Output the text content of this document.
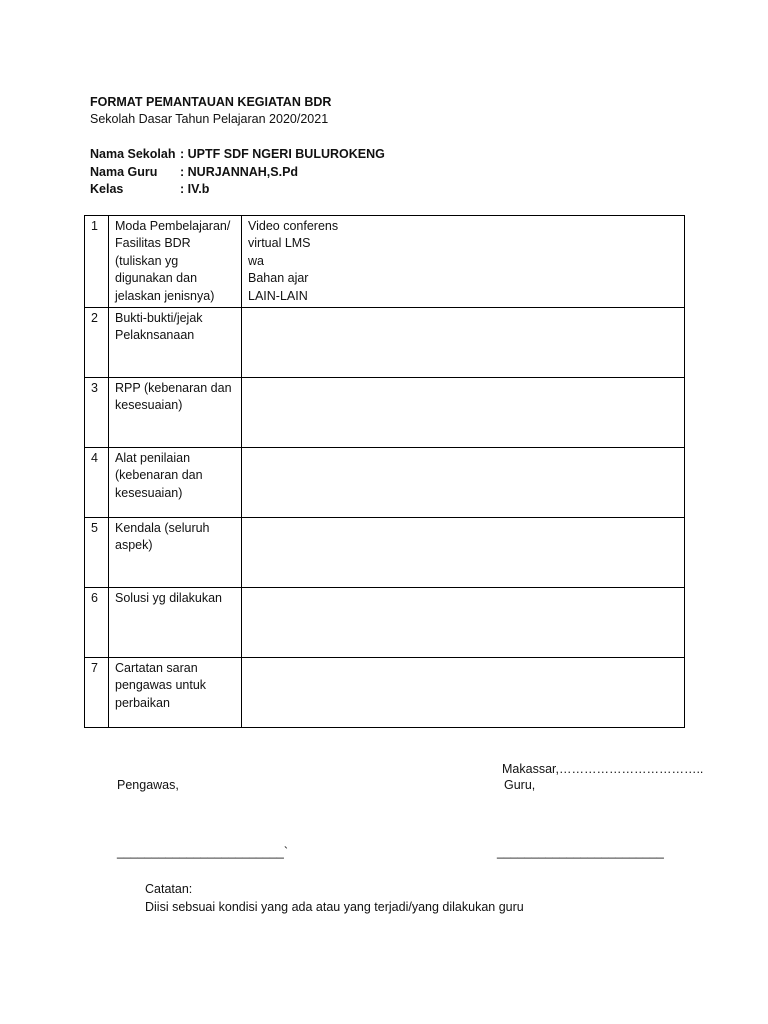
FORMAT PEMANTAUAN KEGIATAN BDR
Sekolah Dasar Tahun Pelajaran 2020/2021
Nama Sekolah : UPTF SDF NGERI BULUROKENG
Nama Guru : NURJANNAH,S.Pd
Kelas	: IV.b
1	Moda Pembelajaran/
Fasilitas BDR
(tuliskan yg
digunakan dan
jelaskan jenisnya)	Video conferens
virtual LMS
wa
Bahan ajar
LAIN-LAIN

2	Bukti-bukti/jejak
Pelaknsanaan	

3	RPP (kebenaran dan
kesesuaian)	

4	Alat penilaian
(kebenaran dan
kesesuaian)	

5	Kendala (seluruh
aspek)	

6	Solusi yg dilakukan	

7	Cartatan saran
pengawas untuk
perbaikan	

Makassar,……………………………..
Pengawas,	Guru,
________________________`	________________________
Catatan:
Diisi sebsuai kondisi yang ada atau yang terjadi/yang dilakukan guru
